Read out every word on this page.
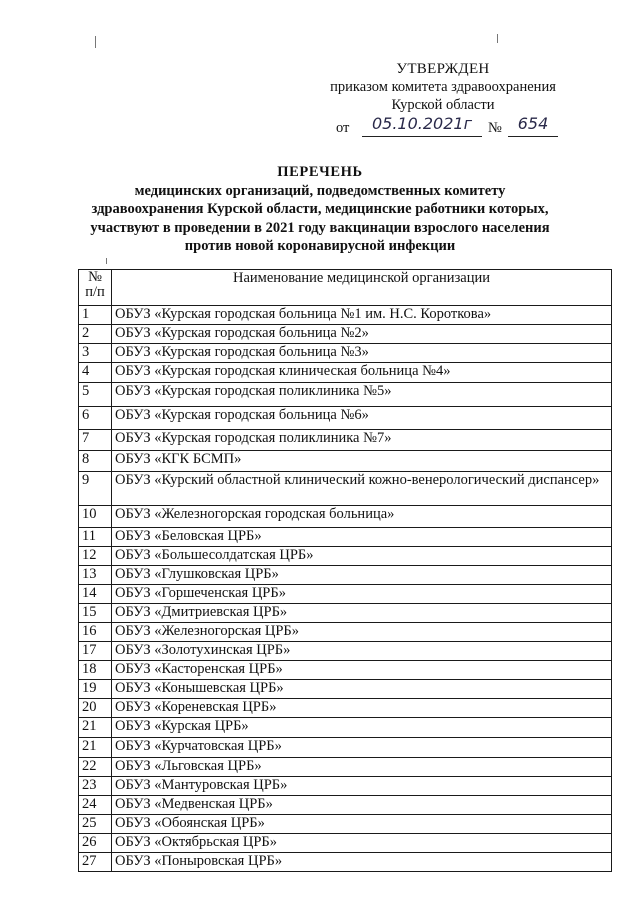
УТВЕРЖДЕН
приказом комитета здравоохранения
Курской области
от	05.10.2021г	№ 654
ПЕРЕЧЕНЬ
медицинских организаций, подведомственных комитету
здравоохранения Курской области, медицинские работники которых,
участвуют в проведении в 2021 году вакцинации взрослого населения
против новой коронавирусной инфекции
№
п/п	Наименование медицинской организации
1	ОБУЗ «Курская городская больница №1 им. Н.С. Короткова»
2	ОБУЗ «Курская городская больница №2»
3	ОБУЗ «Курская городская больница №3»
4	ОБУЗ «Курская городская клиническая больница №4»
5	ОБУЗ «Курская городская поликлиника №5»
6	ОБУЗ «Курская городская больница №6»
7	ОБУЗ «Курская городская поликлиника №7»
8	ОБУЗ «КГК БСМП»
9	ОБУЗ «Курский областной клинический кожно-венерологический диспансер»
10	ОБУЗ «Железногорская городская больница»
11	ОБУЗ «Беловская ЦРБ»
12	ОБУЗ «Большесолдатская ЦРБ»
13	ОБУЗ «Глушковская ЦРБ»
14	ОБУЗ «Горшеченская ЦРБ»
15	ОБУЗ «Дмитриевская ЦРБ»
16	ОБУЗ «Железногорская ЦРБ»
17	ОБУЗ «Золотухинская ЦРБ»
18	ОБУЗ «Касторенская ЦРБ»
19	ОБУЗ «Конышевская ЦРБ»
20	ОБУЗ «Кореневская ЦРБ»
21	ОБУЗ «Курская ЦРБ»
21	ОБУЗ «Курчатовская ЦРБ»
22	ОБУЗ «Льговская ЦРБ»
23	ОБУЗ «Мантуровская ЦРБ»
24	ОБУЗ «Медвенская ЦРБ»
25	ОБУЗ «Обоянская ЦРБ»
26	ОБУЗ «Октябрьская ЦРБ»
27	ОБУЗ «Поныровская ЦРБ»
